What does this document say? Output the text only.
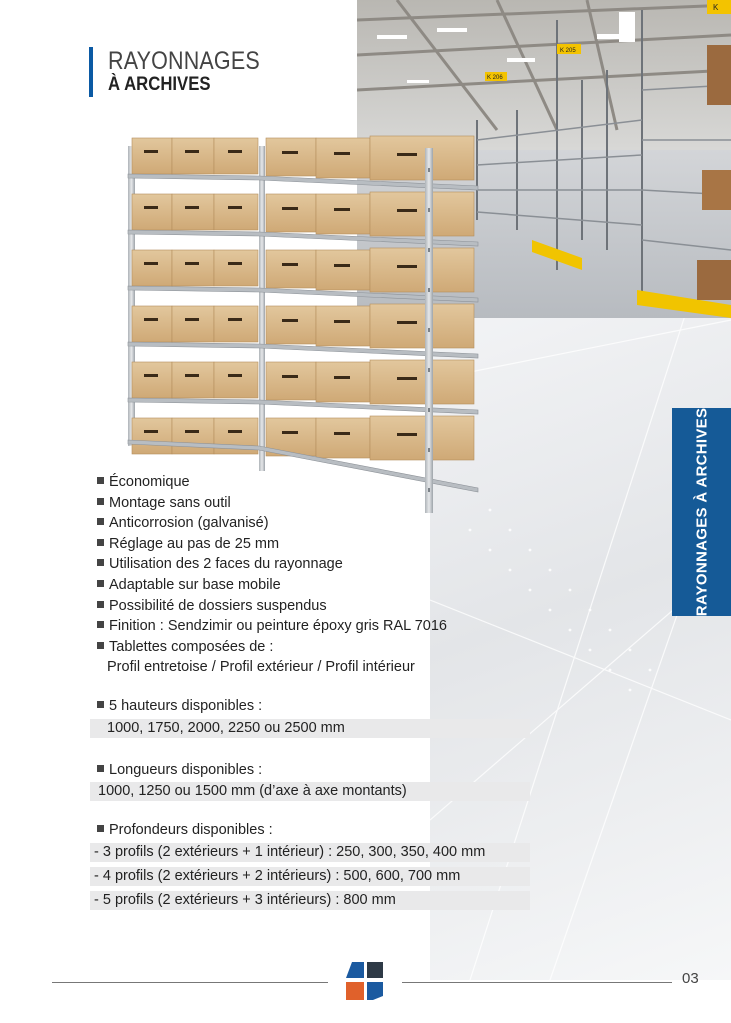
K 205
K 206
K
RAYONNAGES
À ARCHIVES
RAYONNAGES À ARCHIVES
Économique
Montage sans outil
Anticorrosion (galvanisé)
Réglage au pas de 25 mm
Utilisation des 2 faces du rayonnage
Adaptable sur base mobile
Possibilité de dossiers suspendus
Finition : Sendzimir ou peinture époxy gris RAL 7016
Tablettes composées de :
Profil entretoise / Profil extérieur / Profil intérieur
5 hauteurs disponibles :
1000, 1750, 2000, 2250 ou 2500 mm
Longueurs disponibles :
1000, 1250 ou 1500 mm (d’axe à axe montants)
Profondeurs disponibles :
- 3 profils (2 extérieurs + 1 intérieur) : 250, 300, 350, 400 mm
- 4 profils (2 extérieurs + 2 intérieurs) : 500, 600, 700 mm
- 5 profils (2 extérieurs + 3 intérieurs) : 800 mm
03
